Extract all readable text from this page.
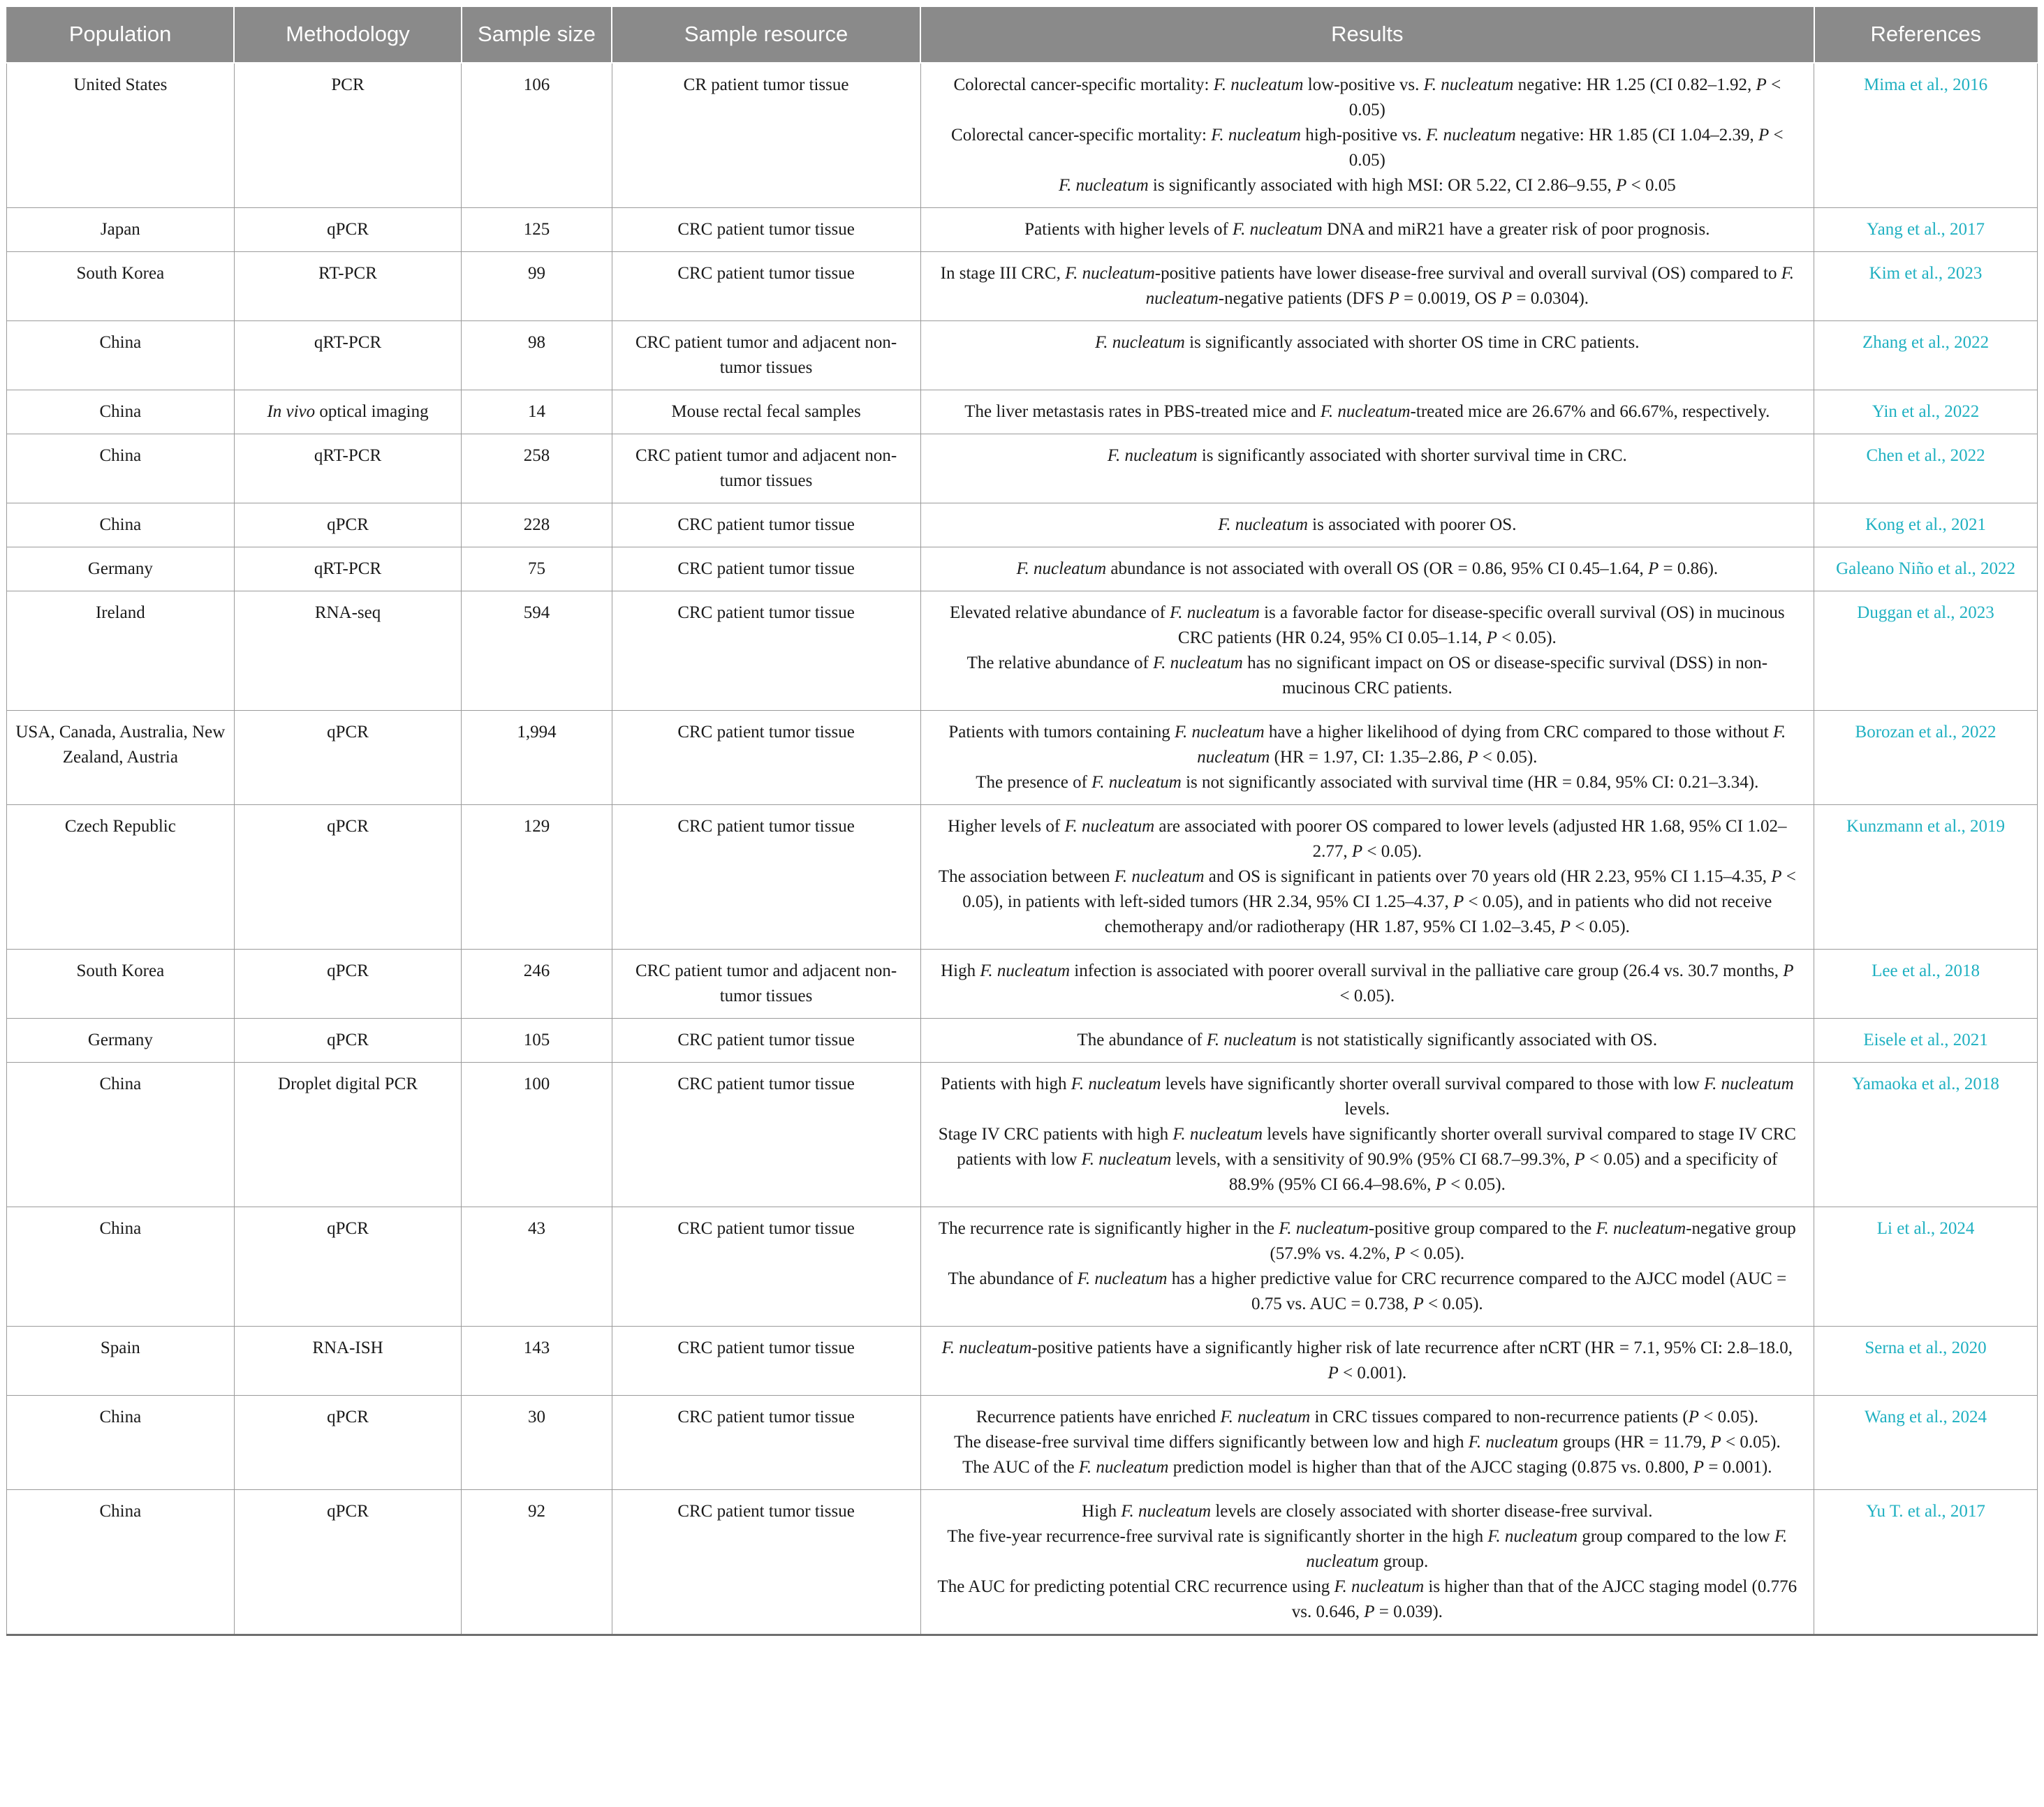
Population	Methodology	Sample size	Sample resource	Results	References
United States	PCR	106	CR patient tumor tissue	Colorectal cancer-specific mortality: F. nucleatum low-positive vs. F. nucleatum negative: HR 1.25 (CI 0.82–1.92, P < 0.05)
Colorectal cancer-specific mortality: F. nucleatum high-positive vs. F. nucleatum negative: HR 1.85 (CI 1.04–2.39, P < 0.05)
F. nucleatum is significantly associated with high MSI: OR 5.22, CI 2.86–9.55, P < 0.05	Mima et al., 2016
Japan	qPCR	125	CRC patient tumor tissue	Patients with higher levels of F. nucleatum DNA and miR21 have a greater risk of poor prognosis.	Yang et al., 2017
South Korea	RT-PCR	99	CRC patient tumor tissue	In stage III CRC, F. nucleatum-positive patients have lower disease-free survival and overall survival (OS) compared to F. nucleatum-negative patients (DFS P = 0.0019, OS P = 0.0304).	Kim et al., 2023
China	qRT-PCR	98	CRC patient tumor and adjacent non-tumor tissues	F. nucleatum is significantly associated with shorter OS time in CRC patients.	Zhang et al., 2022
China	In vivo optical imaging	14	Mouse rectal fecal samples	The liver metastasis rates in PBS-treated mice and F. nucleatum-treated mice are 26.67% and 66.67%, respectively.	Yin et al., 2022
China	qRT-PCR	258	CRC patient tumor and adjacent non-tumor tissues	F. nucleatum is significantly associated with shorter survival time in CRC.	Chen et al., 2022
China	qPCR	228	CRC patient tumor tissue	F. nucleatum is associated with poorer OS.	Kong et al., 2021
Germany	qRT-PCR	75	CRC patient tumor tissue	F. nucleatum abundance is not associated with overall OS (OR = 0.86, 95% CI 0.45–1.64, P = 0.86).	Galeano Niño et al., 2022
Ireland	RNA-seq	594	CRC patient tumor tissue	Elevated relative abundance of F. nucleatum is a favorable factor for disease-specific overall survival (OS) in mucinous CRC patients (HR 0.24, 95% CI 0.05–1.14, P < 0.05).
The relative abundance of F. nucleatum has no significant impact on OS or disease-specific survival (DSS) in non-mucinous CRC patients.	Duggan et al., 2023
USA, Canada, Australia, New Zealand, Austria	qPCR	1,994	CRC patient tumor tissue	Patients with tumors containing F. nucleatum have a higher likelihood of dying from CRC compared to those without F. nucleatum (HR = 1.97, CI: 1.35–2.86, P < 0.05).
The presence of F. nucleatum is not significantly associated with survival time (HR = 0.84, 95% CI: 0.21–3.34).	Borozan et al., 2022
Czech Republic	qPCR	129	CRC patient tumor tissue	Higher levels of F. nucleatum are associated with poorer OS compared to lower levels (adjusted HR 1.68, 95% CI 1.02–2.77, P < 0.05).
The association between F. nucleatum and OS is significant in patients over 70 years old (HR 2.23, 95% CI 1.15–4.35, P < 0.05), in patients with left-sided tumors (HR 2.34, 95% CI 1.25–4.37, P < 0.05), and in patients who did not receive chemotherapy and/or radiotherapy (HR 1.87, 95% CI 1.02–3.45, P < 0.05).	Kunzmann et al., 2019
South Korea	qPCR	246	CRC patient tumor and adjacent non-tumor tissues	High F. nucleatum infection is associated with poorer overall survival in the palliative care group (26.4 vs. 30.7 months, P < 0.05).	Lee et al., 2018
Germany	qPCR	105	CRC patient tumor tissue	The abundance of F. nucleatum is not statistically significantly associated with OS.	Eisele et al., 2021
China	Droplet digital PCR	100	CRC patient tumor tissue	Patients with high F. nucleatum levels have significantly shorter overall survival compared to those with low F. nucleatum levels.
Stage IV CRC patients with high F. nucleatum levels have significantly shorter overall survival compared to stage IV CRC patients with low F. nucleatum levels, with a sensitivity of 90.9% (95% CI 68.7–99.3%, P < 0.05) and a specificity of 88.9% (95% CI 66.4–98.6%, P < 0.05).	Yamaoka et al., 2018
China	qPCR	43	CRC patient tumor tissue	The recurrence rate is significantly higher in the F. nucleatum-positive group compared to the F. nucleatum-negative group (57.9% vs. 4.2%, P < 0.05).
The abundance of F. nucleatum has a higher predictive value for CRC recurrence compared to the AJCC model (AUC = 0.75 vs. AUC = 0.738, P < 0.05).	Li et al., 2024
Spain	RNA-ISH	143	CRC patient tumor tissue	F. nucleatum-positive patients have a significantly higher risk of late recurrence after nCRT (HR = 7.1, 95% CI: 2.8–18.0, P < 0.001).	Serna et al., 2020
China	qPCR	30	CRC patient tumor tissue	Recurrence patients have enriched F. nucleatum in CRC tissues compared to non-recurrence patients (P < 0.05).
The disease-free survival time differs significantly between low and high F. nucleatum groups (HR = 11.79, P < 0.05).
The AUC of the F. nucleatum prediction model is higher than that of the AJCC staging (0.875 vs. 0.800, P = 0.001).	Wang et al., 2024
China	qPCR	92	CRC patient tumor tissue	High F. nucleatum levels are closely associated with shorter disease-free survival.
The five-year recurrence-free survival rate is significantly shorter in the high F. nucleatum group compared to the low F. nucleatum group.
The AUC for predicting potential CRC recurrence using F. nucleatum is higher than that of the AJCC staging model (0.776 vs. 0.646, P = 0.039).	Yu T. et al., 2017
